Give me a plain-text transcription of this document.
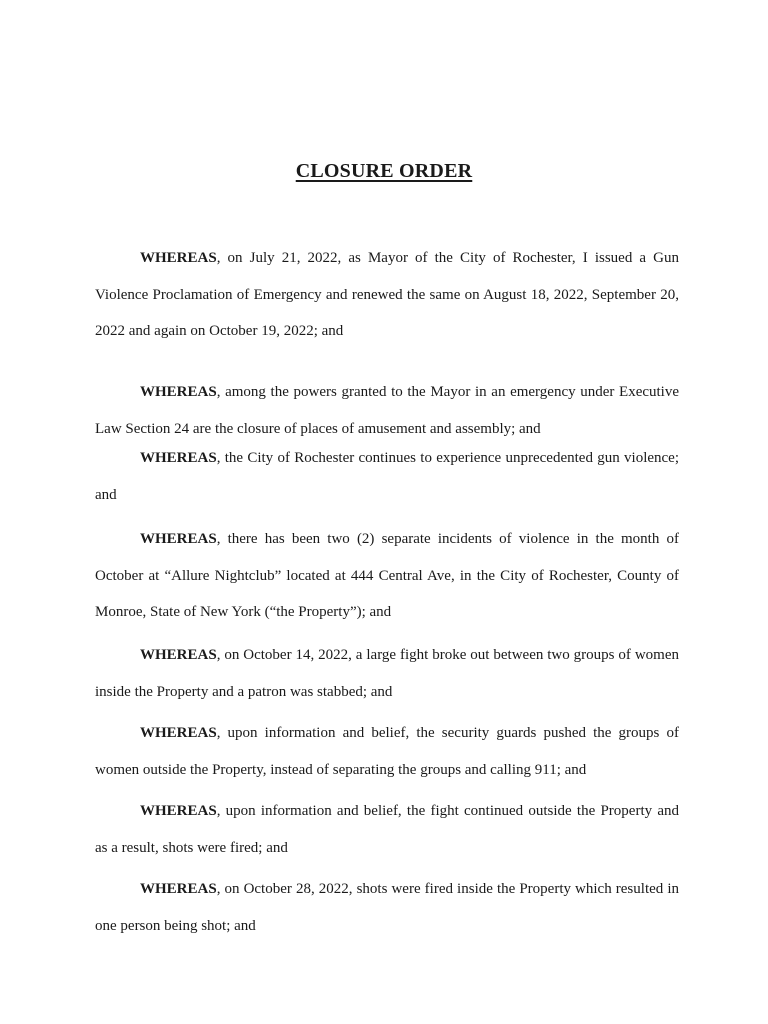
CLOSURE ORDER

WHEREAS, on July 21, 2022, as Mayor of the City of Rochester, I issued a Gun Violence Proclamation of Emergency and renewed the same on August 18, 2022, September 20, 2022 and again on October 19, 2022; and

WHEREAS, among the powers granted to the Mayor in an emergency under Executive Law Section 24 are the closure of places of amusement and assembly; and

WHEREAS, the City of Rochester continues to experience unprecedented gun violence; and

WHEREAS, there has been two (2) separate incidents of violence in the month of October at “Allure Nightclub” located at 444 Central Ave, in the City of Rochester, County of Monroe, State of New York (“the Property”); and

WHEREAS, on October 14, 2022, a large fight broke out between two groups of women inside the Property and a patron was stabbed; and

WHEREAS, upon information and belief, the security guards pushed the groups of women outside the Property, instead of separating the groups and calling 911; and

WHEREAS, upon information and belief, the fight continued outside the Property and as a result, shots were fired; and

WHEREAS, on October 28, 2022, shots were fired inside the Property which resulted in one person being shot; and
